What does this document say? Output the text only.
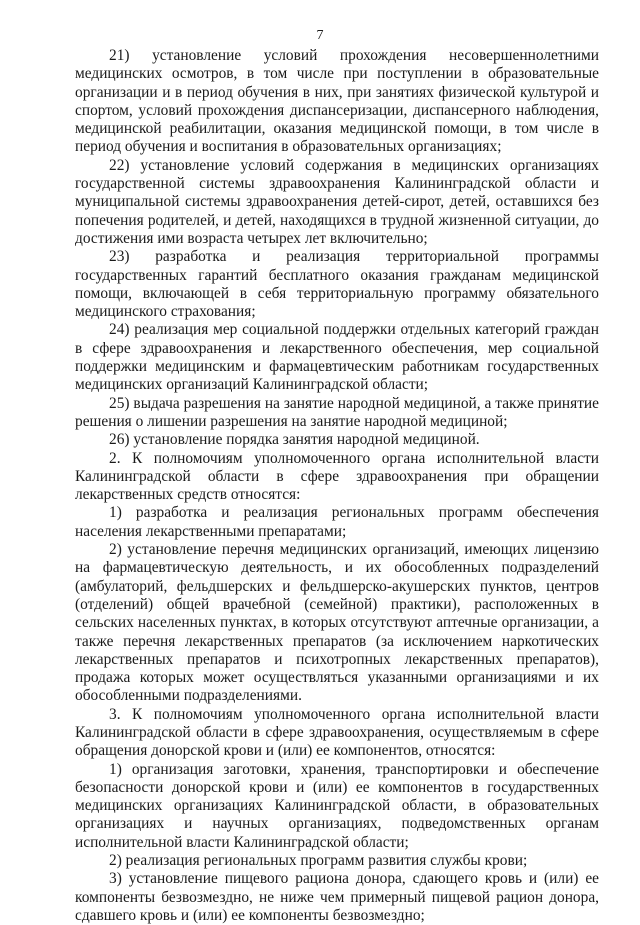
7

21) установление условий прохождения несовершеннолетними медицинских осмотров, в том числе при поступлении в образовательные организации и в период обучения в них, при занятиях физической культурой и спортом, условий прохождения диспансеризации, диспансерного наблюдения, медицинской реабилитации, оказания медицинской помощи, в том числе в период обучения и воспитания в образовательных организациях;

22) установление условий содержания в медицинских организациях государственной системы здравоохранения Калининградской области и муниципальной системы здравоохранения детей-сирот, детей, оставшихся без попечения родителей, и детей, находящихся в трудной жизненной ситуации, до достижения ими возраста четырех лет включительно;

23) разработка и реализация территориальной программы государственных гарантий бесплатного оказания гражданам медицинской помощи, включающей в себя территориальную программу обязательного медицинского страхования;

24) реализация мер социальной поддержки отдельных категорий граждан в сфере здравоохранения и лекарственного обеспечения, мер социальной поддержки медицинским и фармацевтическим работникам государственных медицинских организаций Калининградской области;

25) выдача разрешения на занятие народной медициной, а также принятие решения о лишении разрешения на занятие народной медициной;

26) установление порядка занятия народной медициной.

2. К полномочиям уполномоченного органа исполнительной власти Калининградской области в сфере здравоохранения при обращении лекарственных средств относятся:

1) разработка и реализация региональных программ обеспечения населения лекарственными препаратами;

2) установление перечня медицинских организаций, имеющих лицензию на фармацевтическую деятельность, и их обособленных подразделений (амбулаторий, фельдшерских и фельдшерско-акушерских пунктов, центров (отделений) общей врачебной (семейной) практики), расположенных в сельских населенных пунктах, в которых отсутствуют аптечные организации, а также перечня лекарственных препаратов (за исключением наркотических лекарственных препаратов и психотропных лекарственных препаратов), продажа которых может осуществляться указанными организациями и их обособленными подразделениями.

3. К полномочиям уполномоченного органа исполнительной власти Калининградской области в сфере здравоохранения, осуществляемым в сфере обращения донорской крови и (или) ее компонентов, относятся:

1) организация заготовки, хранения, транспортировки и обеспечение безопасности донорской крови и (или) ее компонентов в государственных медицинских организациях Калининградской области, в образовательных организациях и научных организациях, подведомственных органам исполнительной власти Калининградской области;

2) реализация региональных программ развития службы крови;

3) установление пищевого рациона донора, сдающего кровь и (или) ее компоненты безвозмездно, не ниже чем примерный пищевой рацион донора, сдавшего кровь и (или) ее компоненты безвозмездно;
